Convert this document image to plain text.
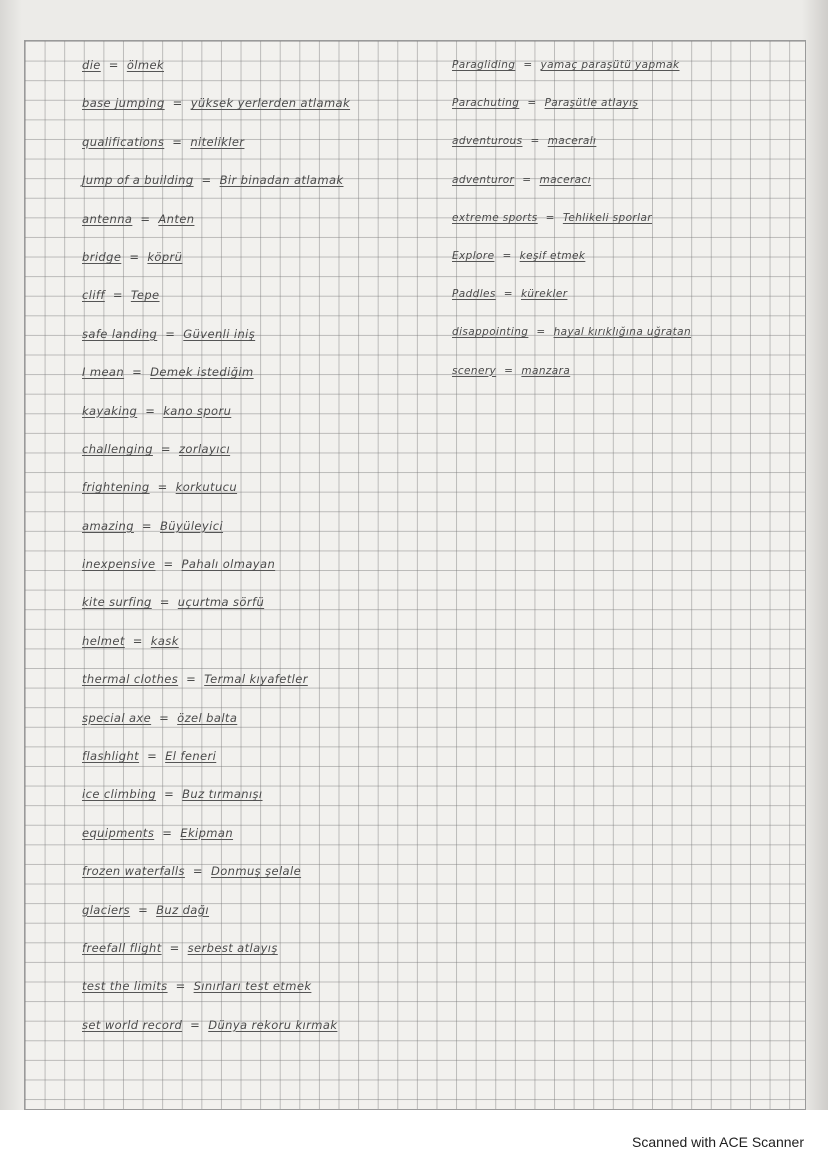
die = ölmek
base jumping = yüksek yerlerden atlamak
qualifications = nitelikler
Jump of a building = Bir binadan atlamak
antenna = Anten
bridge = köprü
cliff = Tepe
safe landing = Güvenli iniş
I mean = Demek istediğim
kayaking = kano sporu
challenging = zorlayıcı
frightening = korkutucu
amazing = Büyüleyici
inexpensive = Pahalı olmayan
kite surfing = uçurtma sörfü
helmet = kask
thermal clothes = Termal kıyafetler
special axe = özel balta
flashlight = El feneri
ice climbing = Buz tırmanışı
equipments = Ekipman
frozen waterfalls = Donmuş şelale
glaciers = Buz dağı
freefall flight = serbest atlayış
test the limits = Sınırları test etmek
set world record = Dünya rekoru kırmak
Paragliding = yamaç paraşütü yapmak
Parachuting = Paraşütle atlayış
adventurous = maceralı
adventuror = maceracı
extreme sports = Tehlikeli sporlar
Explore = keşif etmek
Paddles = kürekler
disappointing = hayal kırıklığına uğratan
scenery = manzara
Scanned with ACE Scanner
